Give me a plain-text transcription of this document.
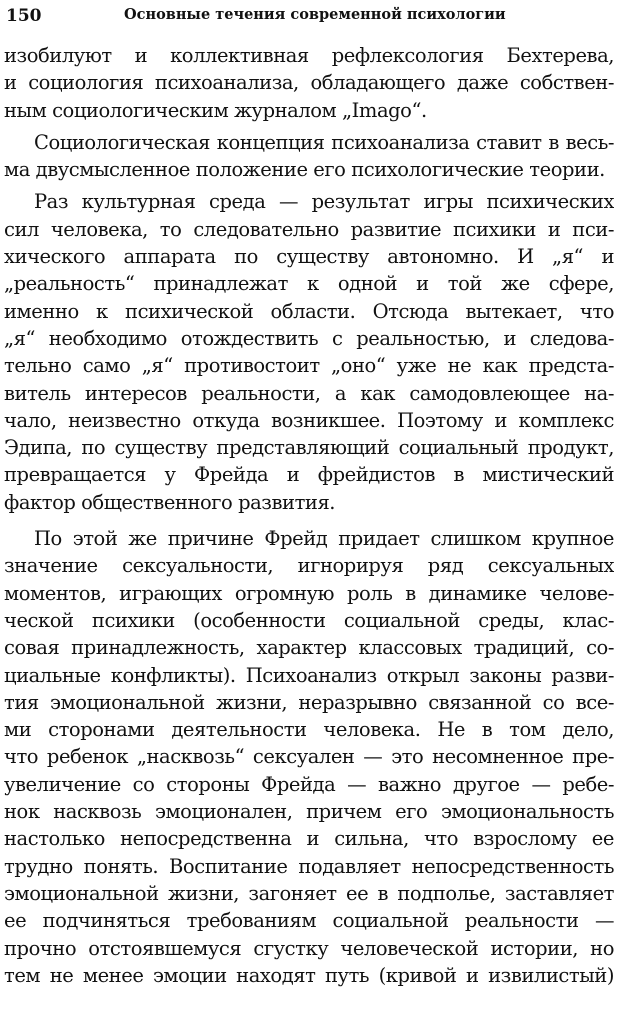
150	Основные течения современной психологии
изобилуют и коллективная рефлексология Бехтерева,
и социология психоанализа, обладающего даже собствен-
ным социологическим журналом „Imago“.
Социологическая концепция психоанализа ставит в весь-
ма двусмысленное положение его психологические теории.
Раз культурная среда — результат игры психических
сил человека, то следовательно развитие психики и пси-
хического аппарата по существу автономно. И „я“ и
„реальность“ принадлежат к одной и той же сфере,
именно к психической области. Отсюда вытекает, что
„я“ необходимо отождествить с реальностью, и следова-
тельно само „я“ противостоит „оно“ уже не как предста-
витель интересов реальности, а как самодовлеющее на-
чало, неизвестно откуда возникшее. Поэтому и комплекс
Эдипа, по существу представляющий социальный продукт,
превращается у Фрейда и фрейдистов в мистический
фактор общественного развития.
По этой же причине Фрейд придает слишком крупное
значение сексуальности, игнорируя ряд сексуальных
моментов, играющих огромную роль в динамике челове-
ческой психики (особенности социальной среды, клас-
совая принадлежность, характер классовых традиций, со-
циальные конфликты). Психоанализ открыл законы разви-
тия эмоциональной жизни, неразрывно связанной со все-
ми сторонами деятельности человека. Не в том дело,
что ребенок „насквозь“ сексуален — это несомненное пре-
увеличение со стороны Фрейда — важно другое — ребе-
нок насквозь эмоционален, причем его эмоциональность
настолько непосредственна и сильна, что взрослому ее
трудно понять. Воспитание подавляет непосредственность
эмоциональной жизни, загоняет ее в подполье, заставляет
ее подчиняться требованиям социальной реальности —
прочно отстоявшемуся сгустку человеческой истории, но
тем не менее эмоции находят путь (кривой и извилистый)
